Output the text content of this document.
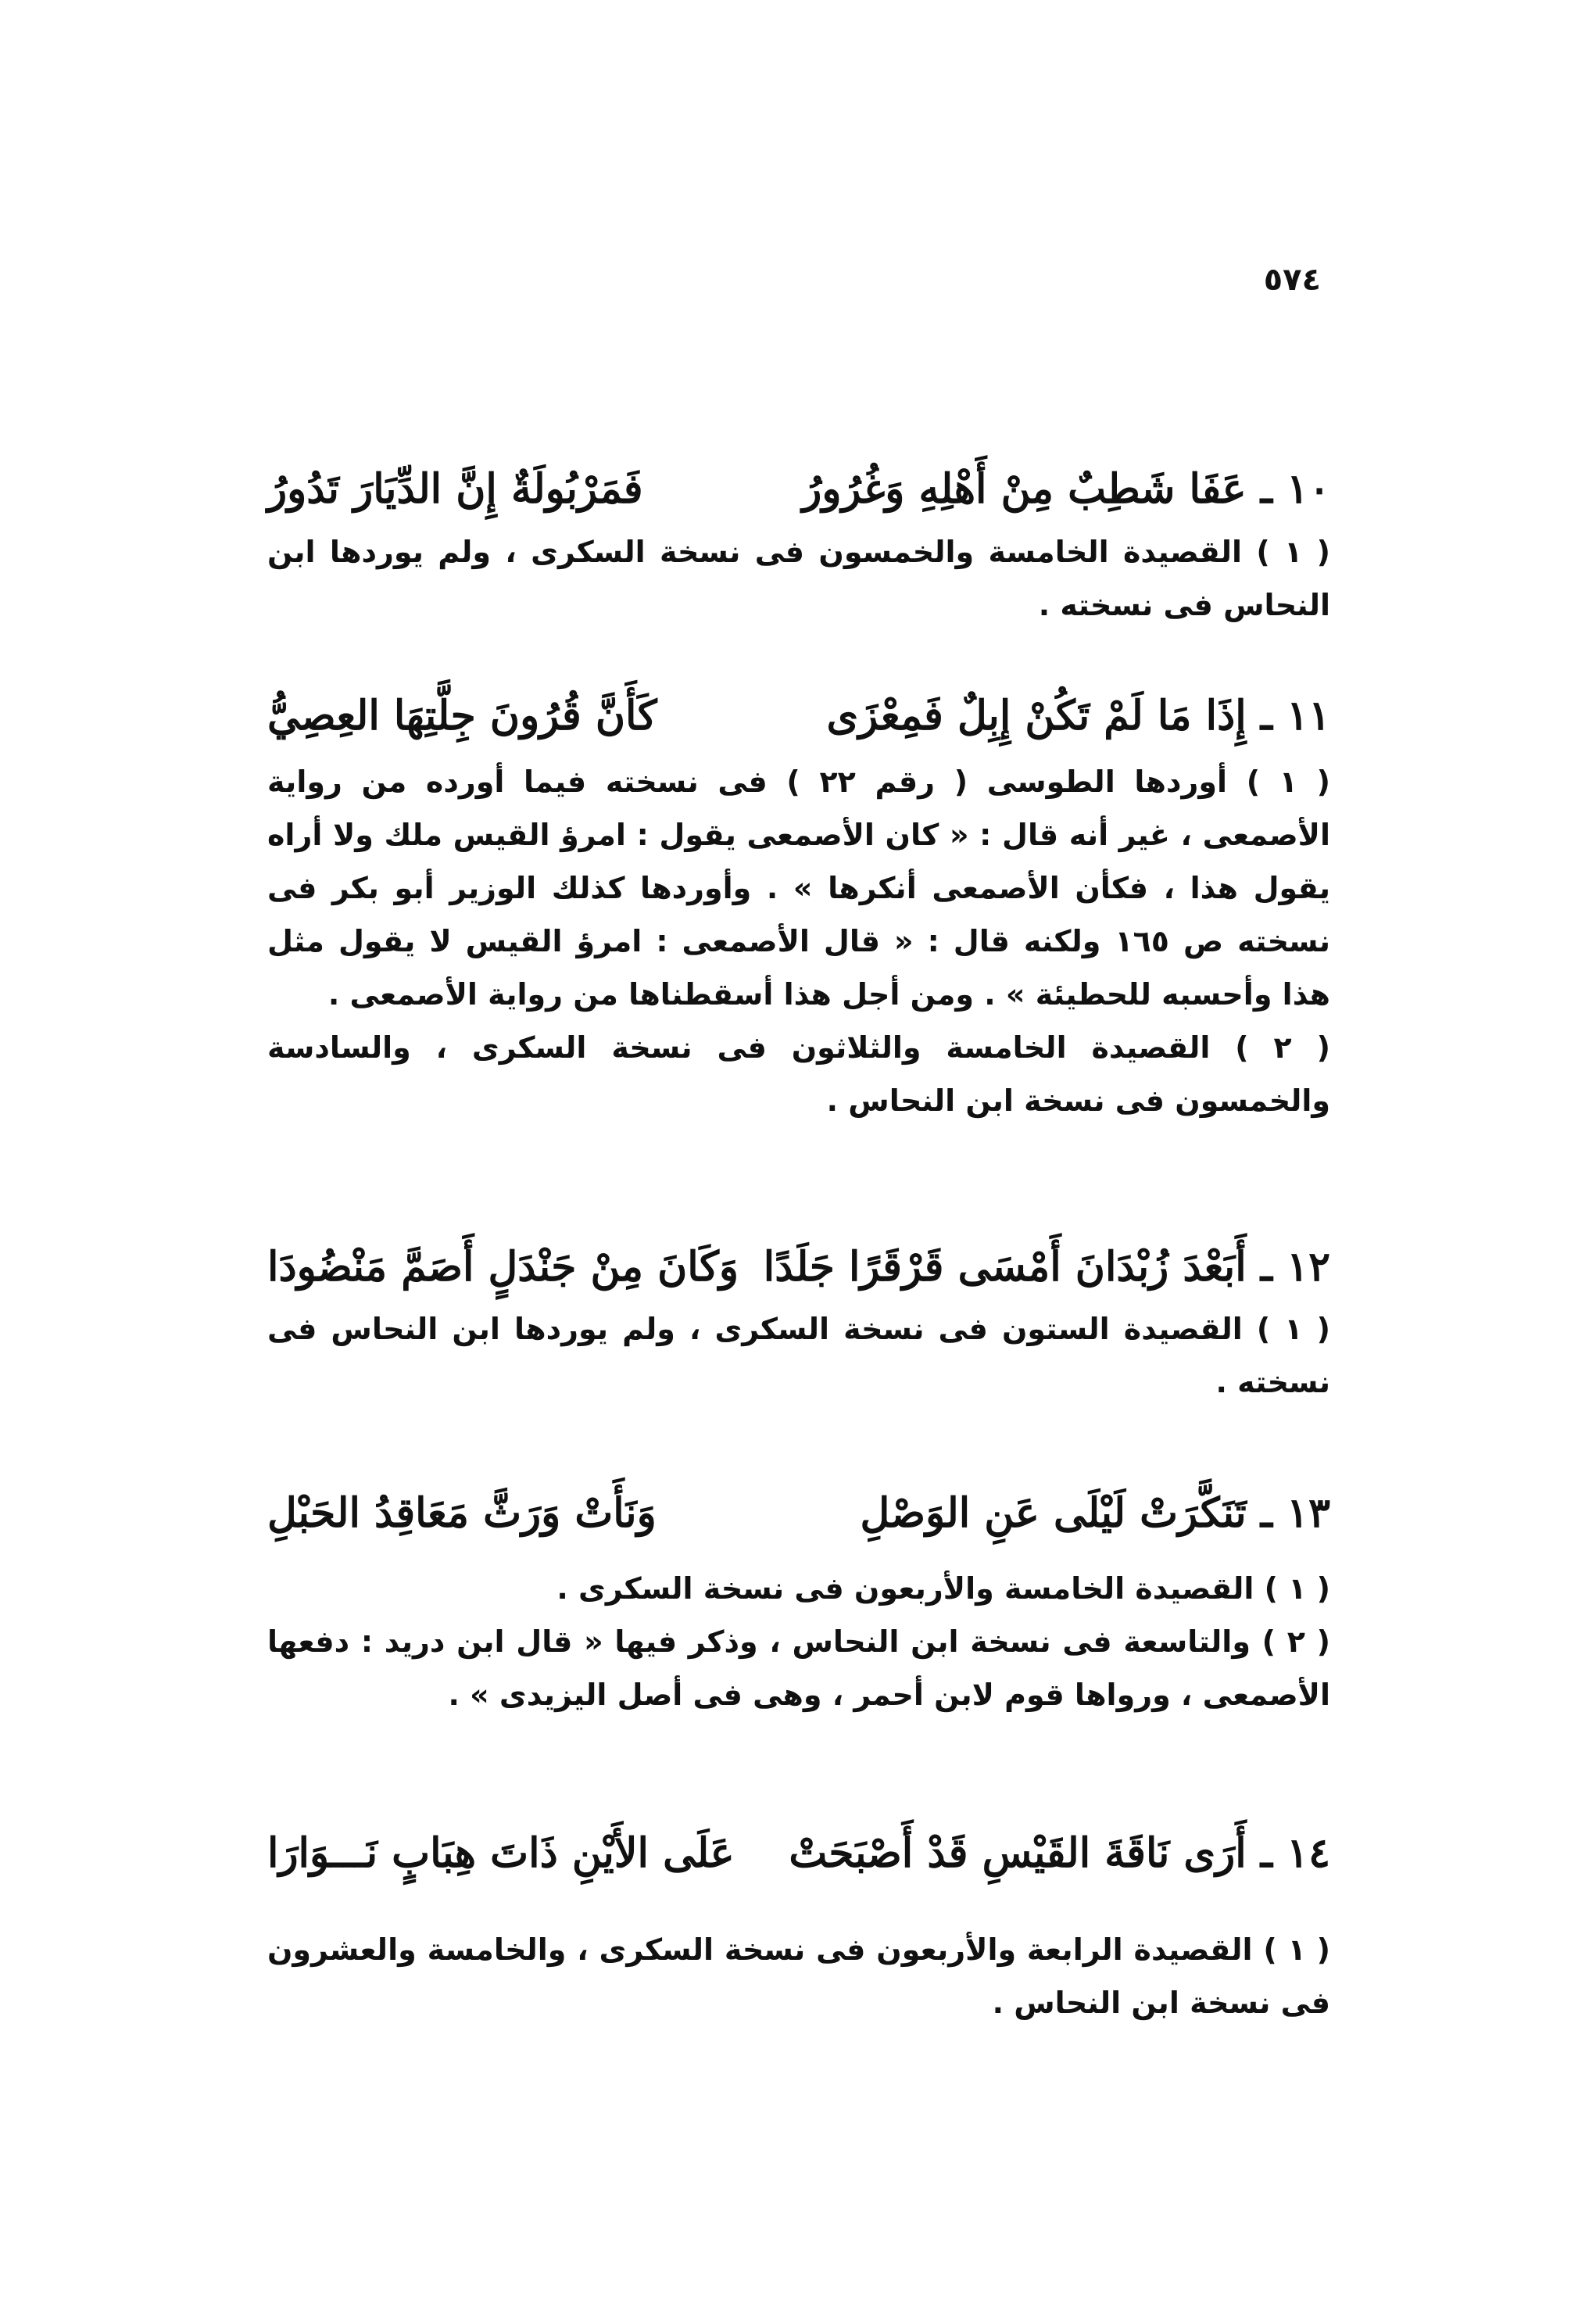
٥٧٤
١٠ ـ عَفَا شَطِبٌ مِنْ أَهْلِهِ وَغُرُورُ
فَمَرْبُولَةٌ إِنَّ الدِّيَارَ تَدُورُ

( ١ ) القصيدة الخامسة والخمسون فى نسخة السكرى ، ولم يوردها ابن النحاس فى نسخته .

١١ ـ إِذَا مَا لَمْ تَكُنْ إِبِلٌ فَمِعْزَى
كَأَنَّ قُرُونَ جِلَّتِهَا العِصِيُّ

( ١ ) أوردها الطوسى ( رقم ٢٢ ) فى نسخته فيما أورده من رواية الأصمعى ، غير أنه قال : « كان الأصمعى يقول : امرؤ القيس ملك ولا أراه يقول هذا ، فكأن الأصمعى أنكرها » . وأوردها كذلك الوزير أبو بكر فى نسخته ص ١٦٥ ولكنه قال : « قال الأصمعى : امرؤ القيس لا يقول مثل هذا وأحسبه للحطيئة » . ومن أجل هذا أسقطناها من رواية الأصمعى .

( ٢ ) القصيدة الخامسة والثلاثون فى نسخة السكرى ، والسادسة والخمسون فى نسخة ابن النحاس .

١٢ ـ أَبَعْدَ زُبْدَانَ أَمْسَى قَرْقَرًا جَلَدًا
وَكَانَ مِنْ جَنْدَلٍ أَصَمَّ مَنْضُودَا

( ١ ) القصيدة الستون فى نسخة السكرى ، ولم يوردها ابن النحاس فى نسخته .

١٣ ـ تَنَكَّرَتْ لَيْلَى عَنِ الوَصْلِ
وَنَأَتْ وَرَثَّ مَعَاقِدُ الحَبْلِ

( ١ ) القصيدة الخامسة والأربعون فى نسخة السكرى .

( ٢ ) والتاسعة فى نسخة ابن النحاس ، وذكر فيها « قال ابن دريد : دفعها الأصمعى ، ورواها قوم لابن أحمر ، وهى فى أصل اليزيدى » .

١٤ ـ أَرَى نَاقَةَ القَيْسِ قَدْ أَصْبَحَتْ
عَلَى الأَيْنِ ذَاتَ هِبَابٍ نَـــوَارَا

( ١ ) القصيدة الرابعة والأربعون فى نسخة السكرى ، والخامسة والعشرون فى نسخة ابن النحاس .
